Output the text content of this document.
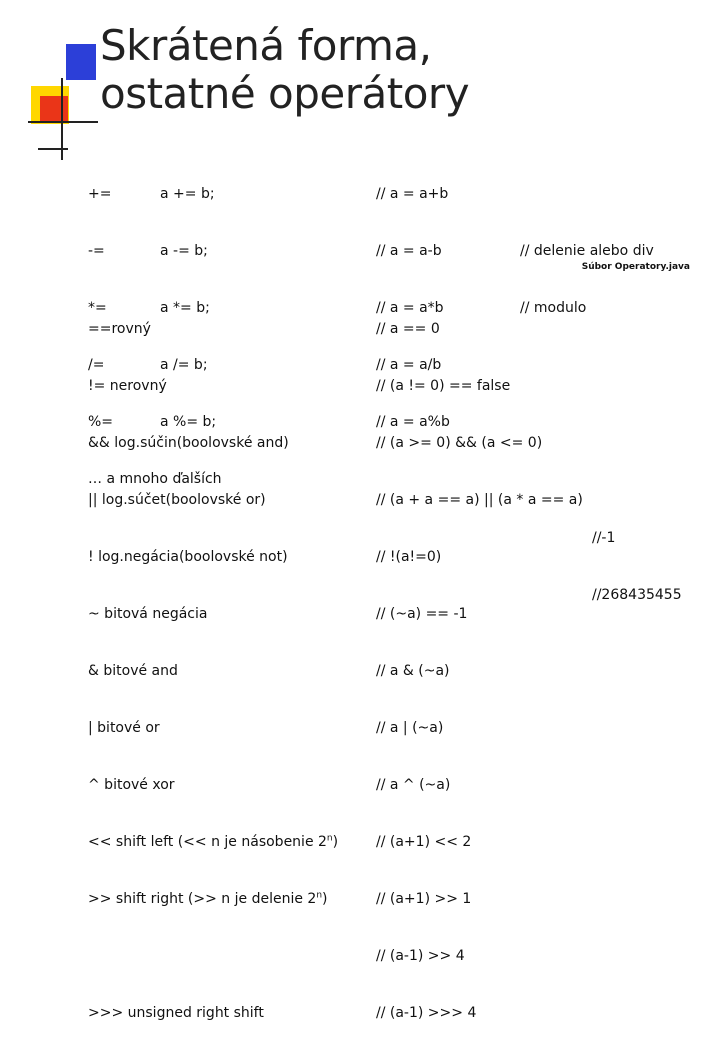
Skrátená forma,
ostatné operátory

+=

-=

*=

/=

%=

… a mnoho ďalších

a += b;

a -= b;

a *= b;

a /= b;

a %= b;

// a = a+b

// a = a-b

// a = a*b

// a = a/b

// a = a%b

// delenie alebo div

// modulo

Súbor Operatory.java

==rovný

!= nerovný

&& log.súčin(boolovské and)

|| log.súčet(boolovské or)

! log.negácia(boolovské not)

~ bitová negácia

& bitové and

| bitové or

^ bitové xor

<< shift left (<< n je násobenie 2$^n$)

>> shift right (>> n je delenie 2$^n$)

>>> unsigned right shift

// a == 0

// (a != 0) == false

// (a >= 0) && (a <= 0)

// (a + a == a) || (a * a == a)

// !(a!=0)

// (~a) == -1

// a & (~a)

// a | (~a)

// a ^ (~a)

// (a+1) << 2

// (a+1) >> 1

// (a-1) >> 4

// (a-1) >>> 4

//-1

//268435455
